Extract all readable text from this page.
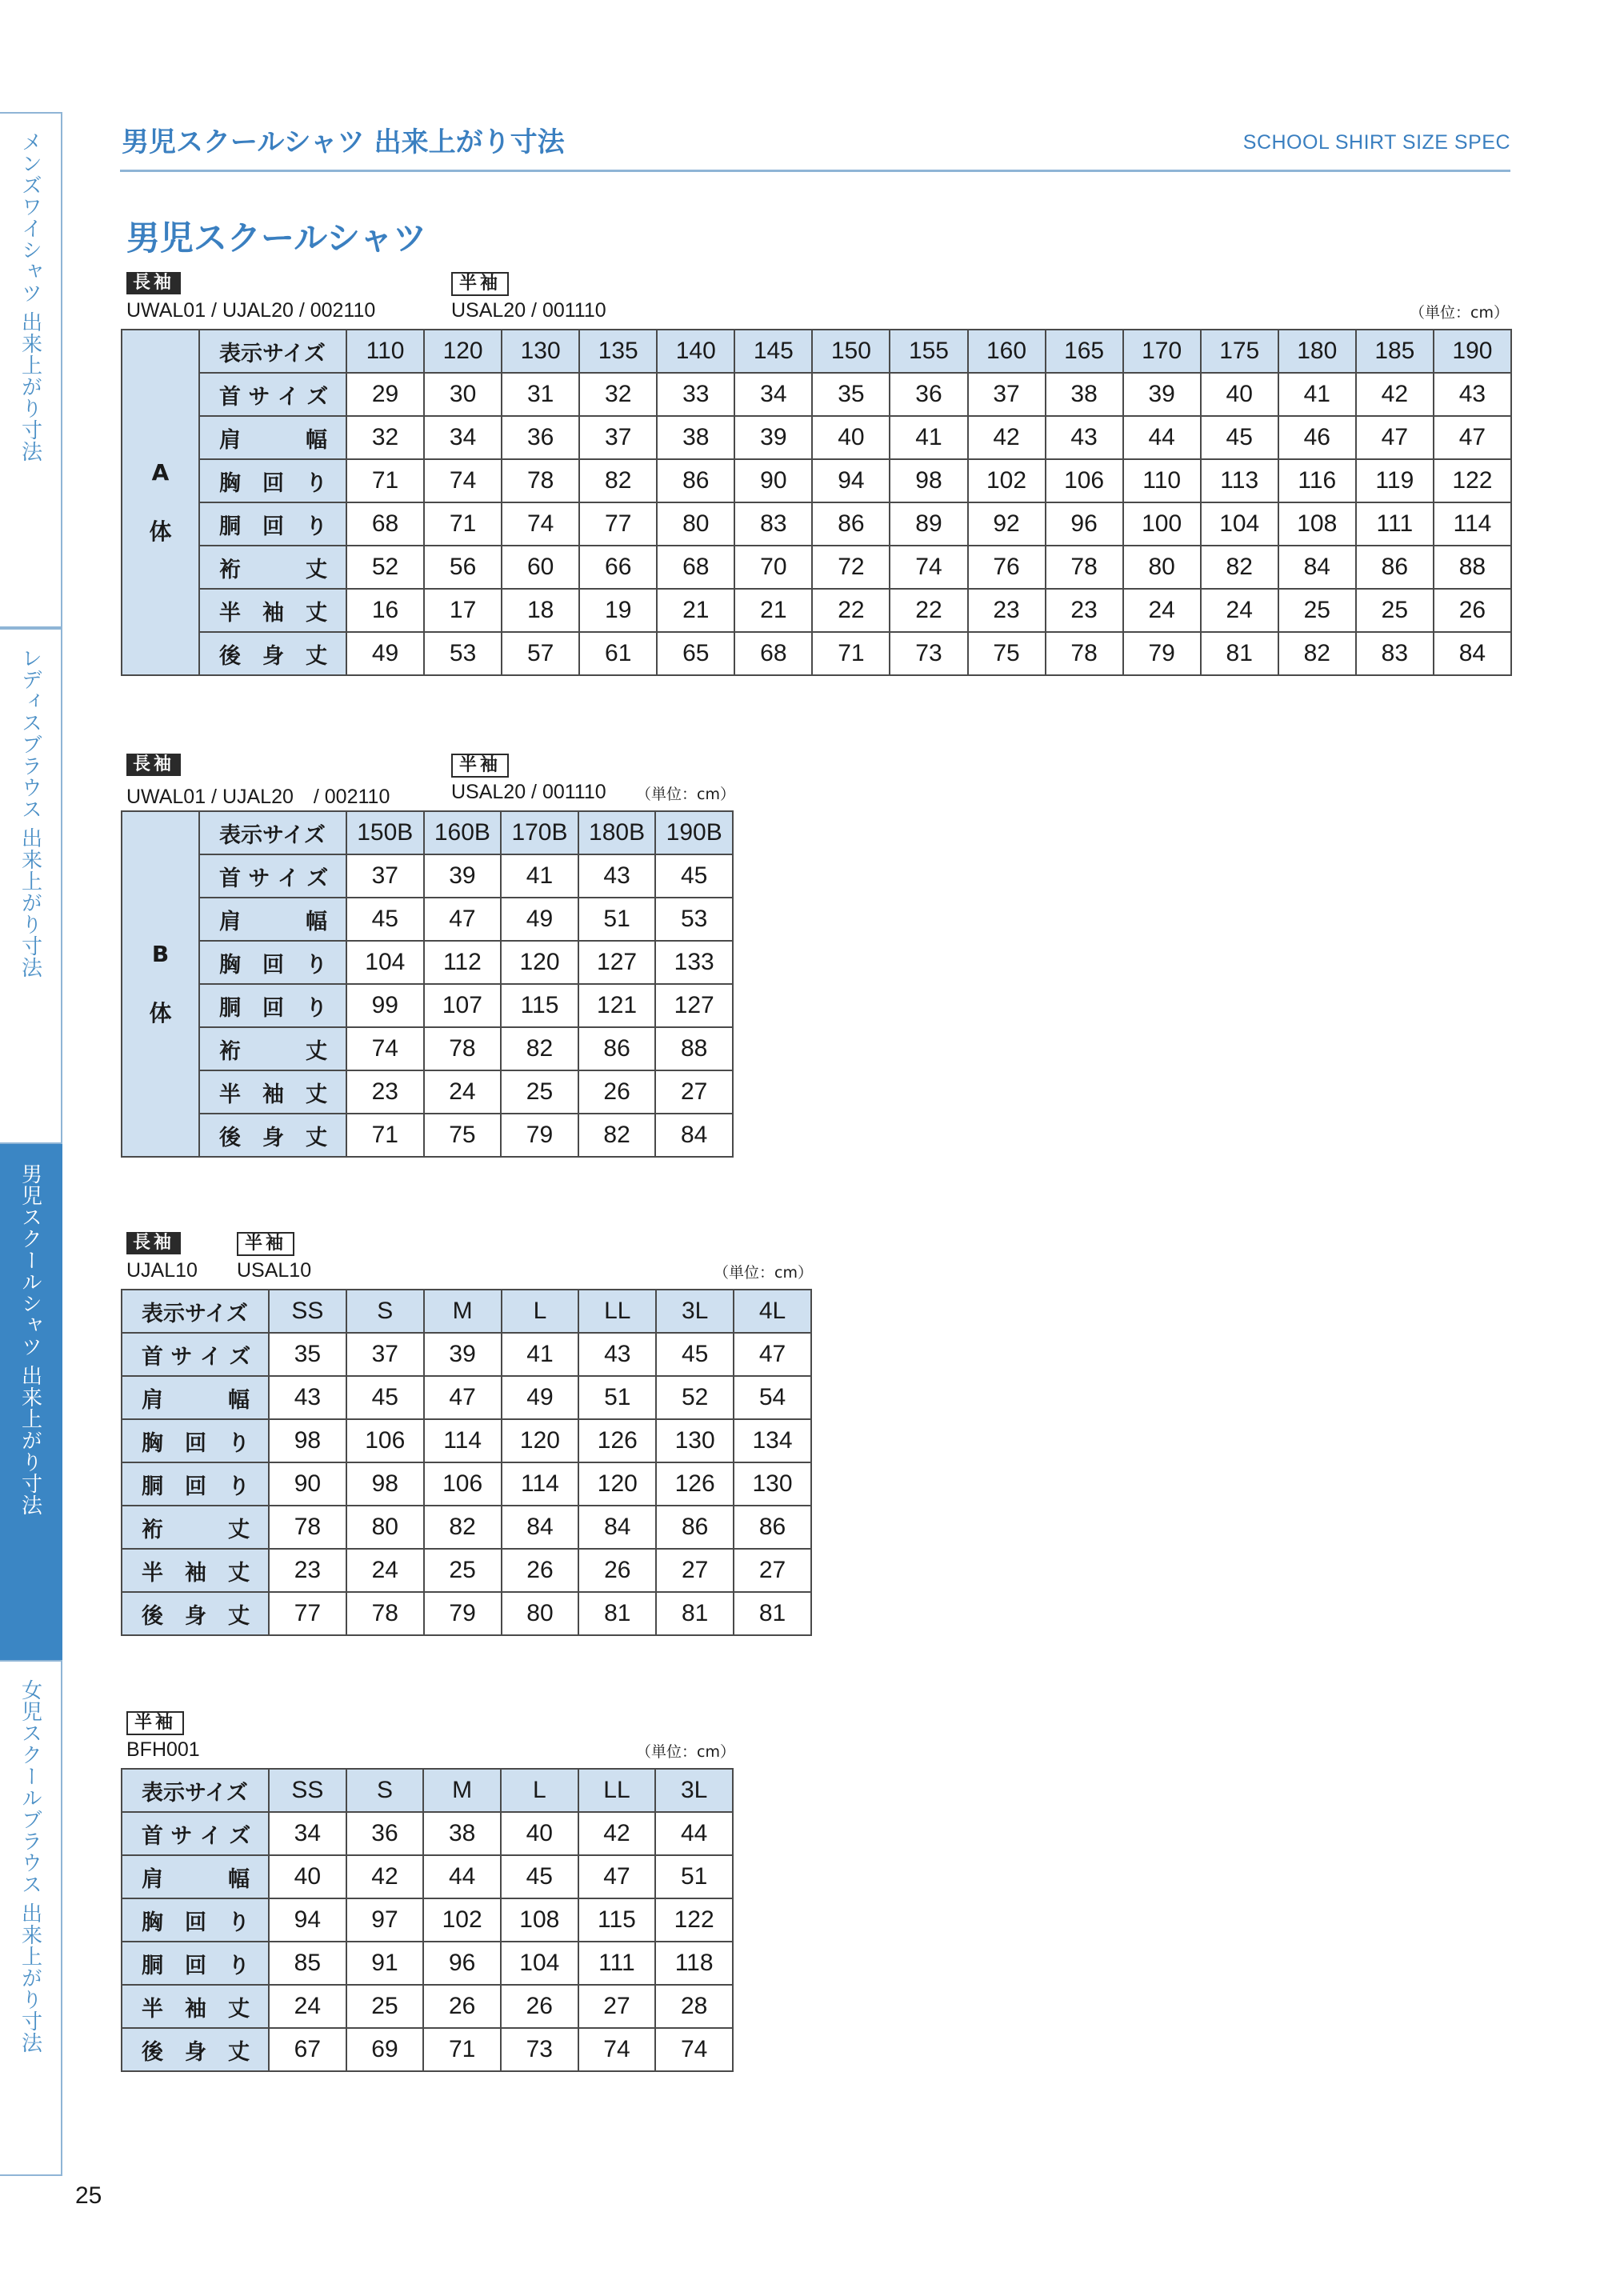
メンズワイシャツ 出来上がり寸法
レディスブラウス 出来上がり寸法
男児スクールシャツ 出来上がり寸法
女児スクールブラウス 出来上がり寸法
男児スクールシャツ 出来上がり寸法	SCHOOL SHIRT SIZE SPEC
男児スクールシャツ
長袖	半袖
UWAL01 / UJAL20 / 002110	USAL20 / 001110	（単位：cm）
A
体	表示サイズ	110	120	130	135	140	145	150	155	160	165	170	175	180	185	190
	首 サ イ ズ	29	30	31	32	33	34	35	36	37	38	39	40	41	42	43
	肩　　　幅	32	34	36	37	38	39	40	41	42	43	44	45	46	47	47
	胸　回　り	71	74	78	82	86	90	94	98	102	106	110	113	116	119	122
	胴　回　り	68	71	74	77	80	83	86	89	92	96	100	104	108	111	114
	裄　　　丈	52	56	60	66	68	70	72	74	76	78	80	82	84	86	88
	半　袖　丈	16	17	18	19	21	21	22	22	23	23	24	24	25	25	26
	後　身　丈	49	53	57	61	65	68	71	73	75	78	79	81	82	83	84
長袖	半袖
UWAL01 / UJAL20　/ 002110	USAL20 / 001110 （単位：cm）
B
体	表示サイズ	150B	160B	170B	180B	190B
	首 サ イ ズ	37	39	41	43	45
	肩　　　幅	45	47	49	51	53
	胸　回　り	104	112	120	127	133
	胴　回　り	99	107	115	121	127
	裄　　　丈	74	78	82	86	88
	半　袖　丈	23	24	25	26	27
	後　身　丈	71	75	79	82	84
長袖	半袖
UJAL10 USAL10	（単位：cm）
表示サイズ	SS	S	M	L	LL	3L	4L
首 サ イ ズ	35	37	39	41	43	45	47
肩　　　幅	43	45	47	49	51	52	54
胸　回　り	98	106	114	120	126	130	134
胴　回　り	90	98	106	114	120	126	130
裄　　　丈	78	80	82	84	84	86	86
半　袖　丈	23	24	25	26	26	27	27
後　身　丈	77	78	79	80	81	81	81
半袖
BFH001	（単位：cm）
表示サイズ	SS	S	M	L	LL	3L
首 サ イ ズ	34	36	38	40	42	44
肩　　　幅	40	42	44	45	47	51
胸　回　り	94	97	102	108	115	122
胴　回　り	85	91	96	104	111	118
半　袖　丈	24	25	26	26	27	28
後　身　丈	67	69	71	73	74	74
25
